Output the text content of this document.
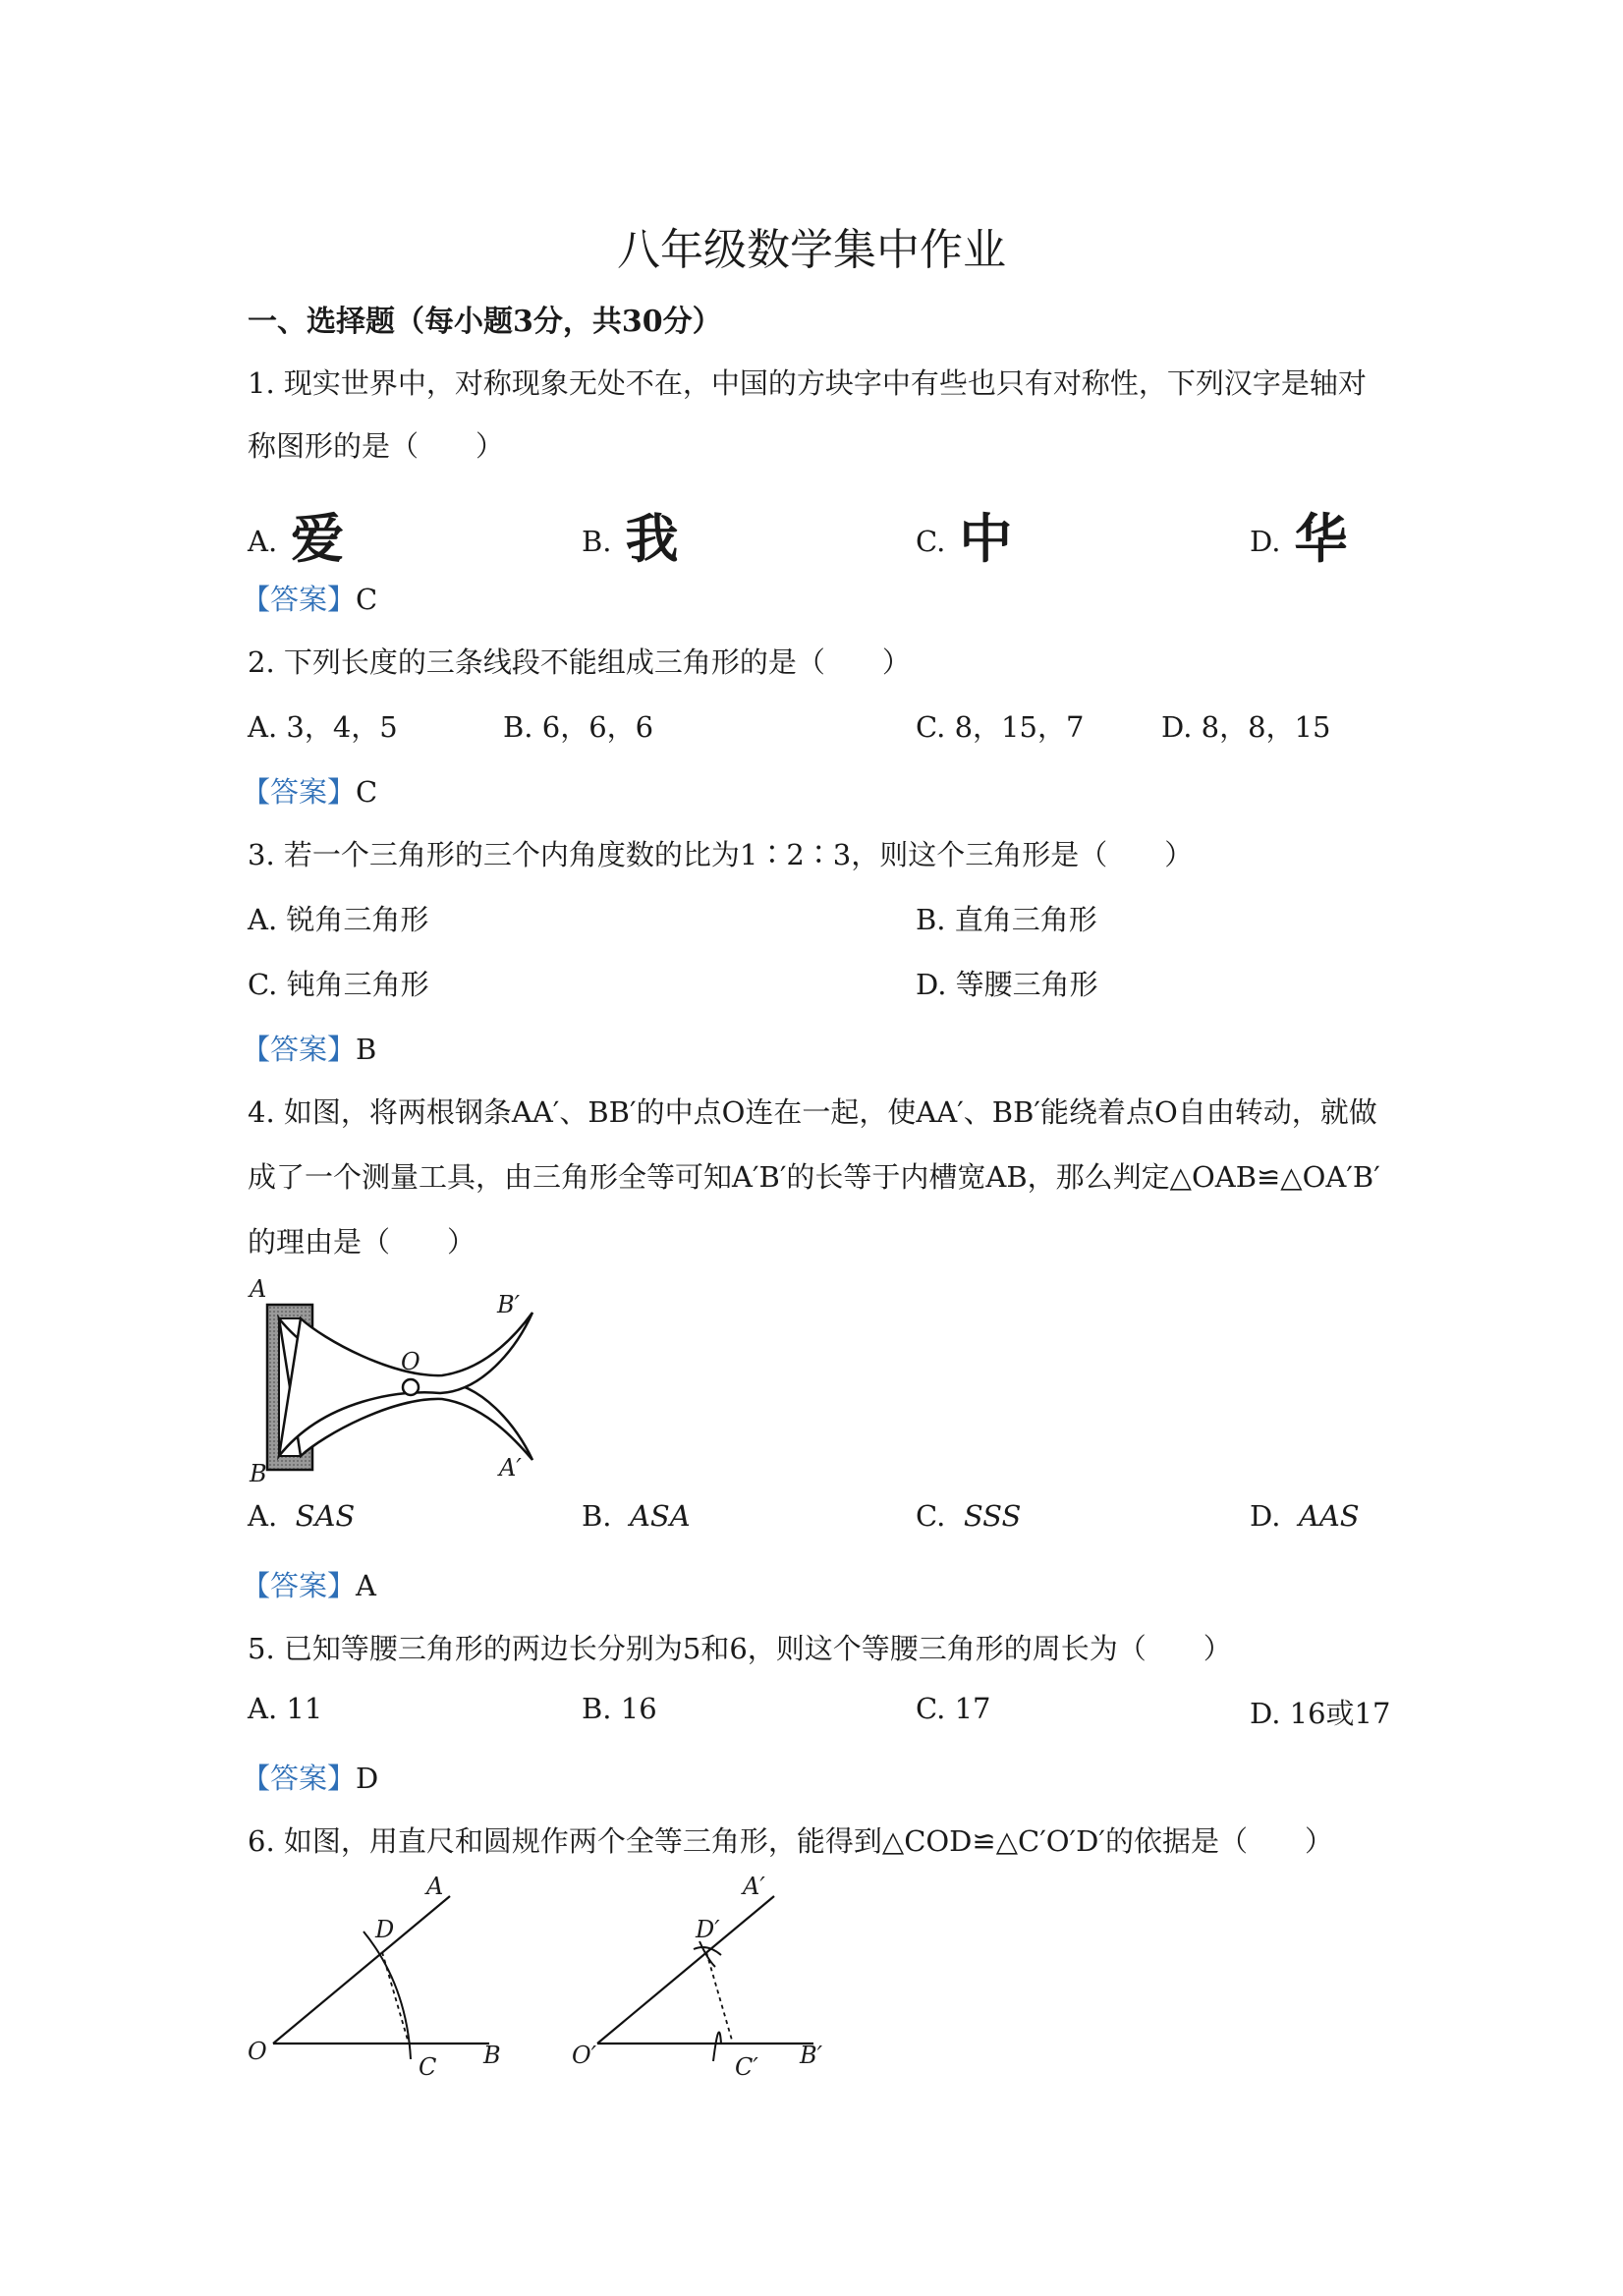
八年级数学集中作业
一、选择题（每小题3分，共30分）
1. 现实世界中，对称现象无处不在，中国的方块字中有些也只有对称性，下列汉字是轴对
称图形的是（　　）
A. 爱	B. 我	C. 中	D. 华
【答案】C
2. 下列长度的三条线段不能组成三角形的是（　　）
A. 3，4，5	B. 6，6，6	C. 8，15，7	D. 8，8，15
【答案】C
3. 若一个三角形的三个内角度数的比为1∶2∶3，则这个三角形是（　　）
A. 锐角三角形	B. 直角三角形
C. 钝角三角形	D. 等腰三角形
【答案】B
4. 如图，将两根钢条AA′、BB′的中点O连在一起，使AA′、BB′能绕着点O自由转动，就做
成了一个测量工具，由三角形全等可知A′B′的长等于内槽宽AB，那么判定△OAB≌△OA′B′
的理由是（　　）
A
B
O
B′
A′
A. SAS	B. ASA	C. SSS	D. AAS
【答案】A
5. 已知等腰三角形的两边长分别为5和6，则这个等腰三角形的周长为（　　）
A. 11	B. 16	C. 17	D. 16或17
【答案】D
6. 如图，用直尺和圆规作两个全等三角形，能得到△COD≌△C′O′D′的依据是（　　）
O
A
D
C B	O′
A′
D′
C′ B′
